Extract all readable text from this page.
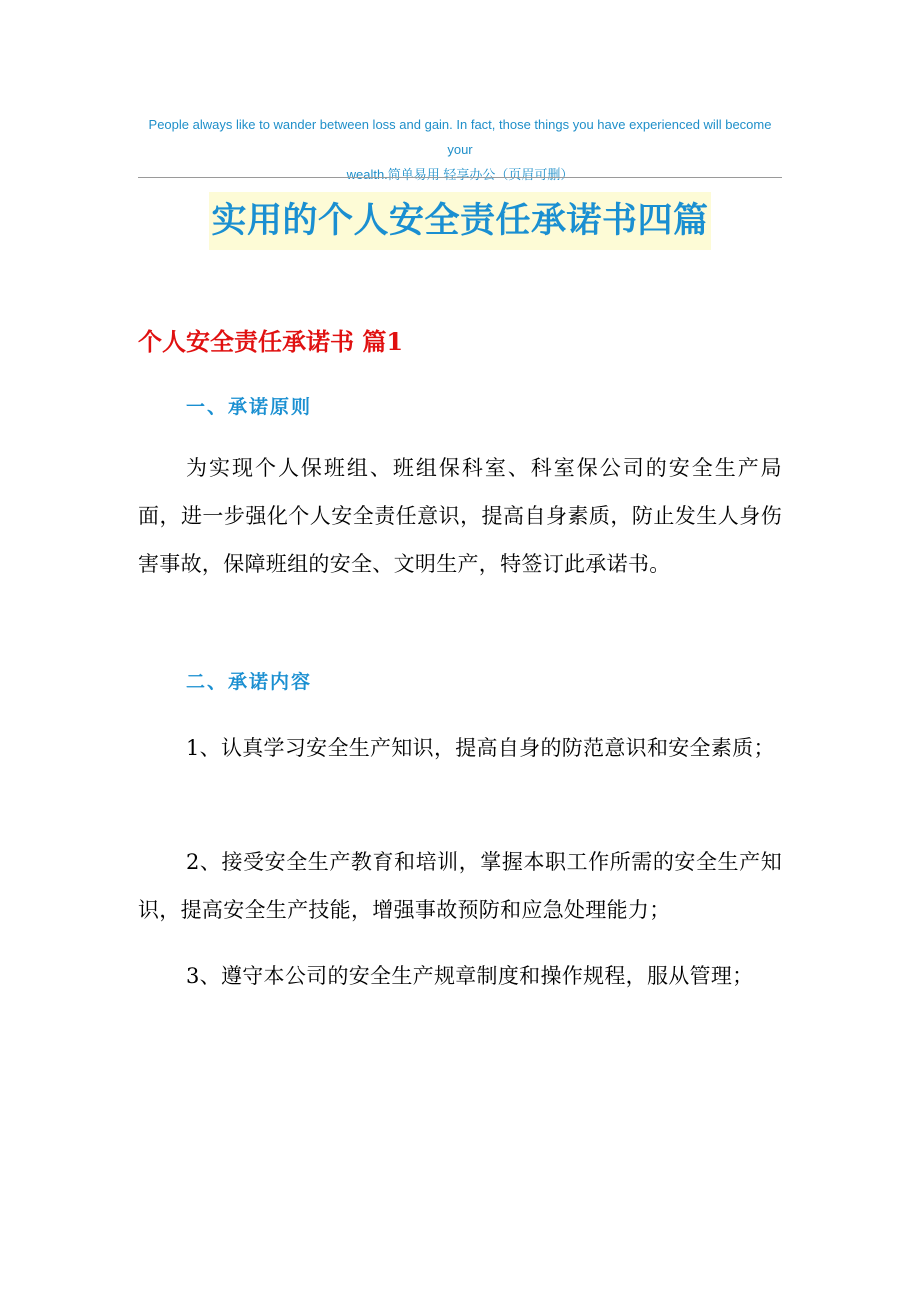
People always like to wander between loss and gain. In fact, those things you have experienced will become your
wealth.简单易用 轻享办公（页眉可删）
实用的个人安全责任承诺书四篇
个人安全责任承诺书 篇1
一、承诺原则
为实现个人保班组、班组保科室、科室保公司的安全生产局面，进一步强化个人安全责任意识，提高自身素质，防止发生人身伤害事故，保障班组的安全、文明生产，特签订此承诺书。
二、承诺内容
1、认真学习安全生产知识，提高自身的防范意识和安全素质；
2、接受安全生产教育和培训，掌握本职工作所需的安全生产知识，提高安全生产技能，增强事故预防和应急处理能力；
3、遵守本公司的安全生产规章制度和操作规程，服从管理；
